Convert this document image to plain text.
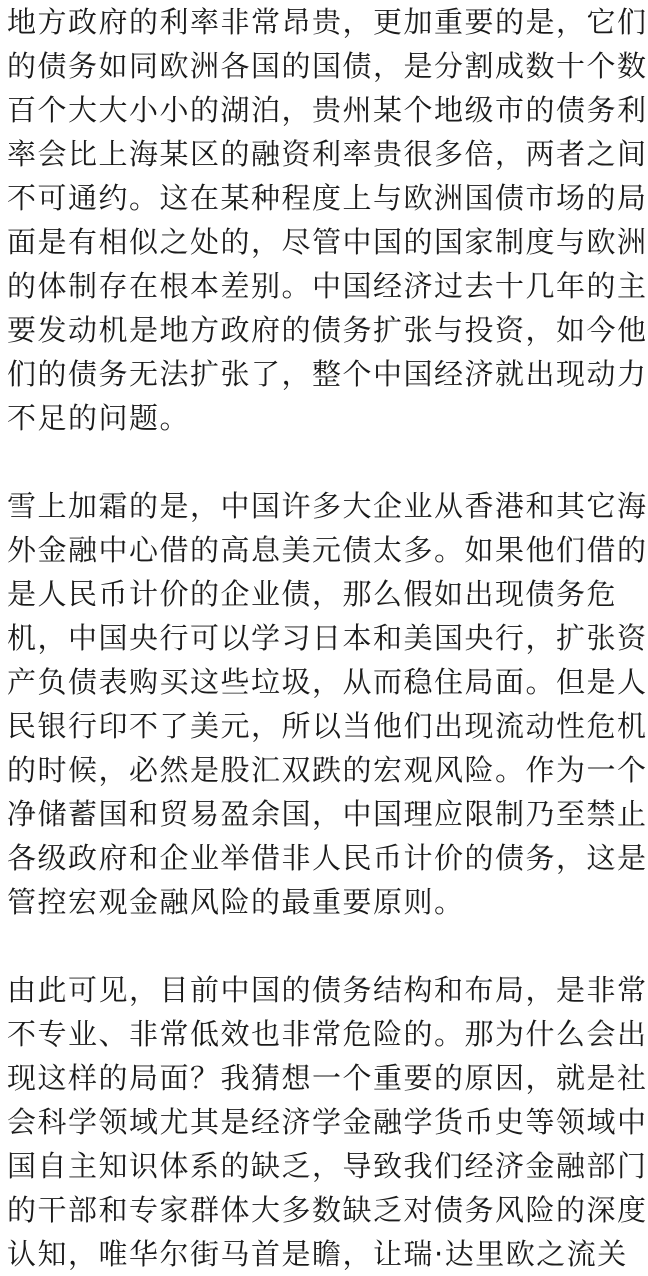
地方政府的利率非常昂贵，更加重要的是，它们
的债务如同欧洲各国的国债，是分割成数十个数
百个大大小小的湖泊，贵州某个地级市的债务利
率会比上海某区的融资利率贵很多倍，两者之间
不可通约。这在某种程度上与欧洲国债市场的局
面是有相似之处的，尽管中国的国家制度与欧洲
的体制存在根本差别。中国经济过去十几年的主
要发动机是地方政府的债务扩张与投资，如今他
们的债务无法扩张了，整个中国经济就出现动力
不足的问题。
雪上加霜的是，中国许多大企业从香港和其它海
外金融中心借的高息美元债太多。如果他们借的
是人民币计价的企业债，那么假如出现债务危
机，中国央行可以学习日本和美国央行，扩张资
产负债表购买这些垃圾，从而稳住局面。但是人
民银行印不了美元，所以当他们出现流动性危机
的时候，必然是股汇双跌的宏观风险。作为一个
净储蓄国和贸易盈余国，中国理应限制乃至禁止
各级政府和企业举借非人民币计价的债务，这是
管控宏观金融风险的最重要原则。
由此可见，目前中国的债务结构和布局，是非常
不专业、非常低效也非常危险的。那为什么会出
现这样的局面？我猜想一个重要的原因，就是社
会科学领域尤其是经济学金融学货币史等领域中
国自主知识体系的缺乏，导致我们经济金融部门
的干部和专家群体大多数缺乏对债务风险的深度
认知，唯华尔街马首是瞻，让瑞·达里欧之流关
